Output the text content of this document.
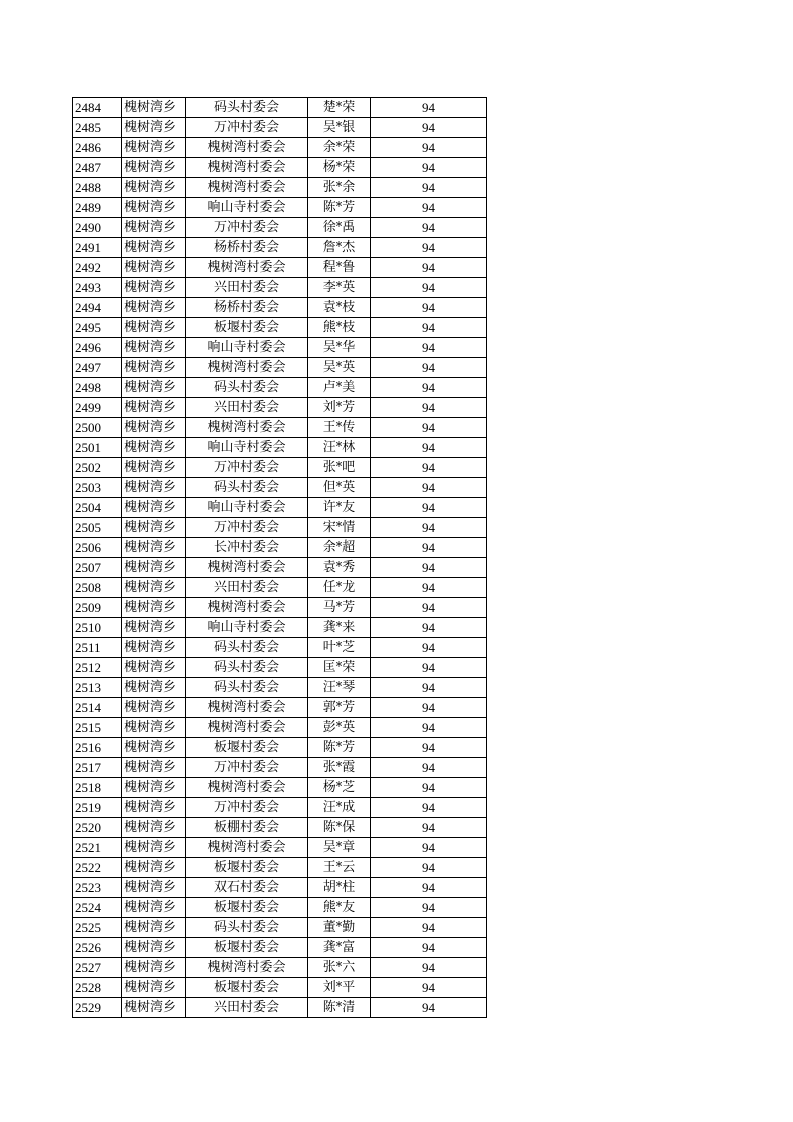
2484	槐树湾乡	码头村委会	楚*荣	94
2485	槐树湾乡	万冲村委会	吴*银	94
2486	槐树湾乡	槐树湾村委会	余*荣	94
2487	槐树湾乡	槐树湾村委会	杨*荣	94
2488	槐树湾乡	槐树湾村委会	张*余	94
2489	槐树湾乡	响山寺村委会	陈*芳	94
2490	槐树湾乡	万冲村委会	徐*禹	94
2491	槐树湾乡	杨桥村委会	詹*杰	94
2492	槐树湾乡	槐树湾村委会	程*鲁	94
2493	槐树湾乡	兴田村委会	李*英	94
2494	槐树湾乡	杨桥村委会	袁*枝	94
2495	槐树湾乡	板堰村委会	熊*枝	94
2496	槐树湾乡	响山寺村委会	吴*华	94
2497	槐树湾乡	槐树湾村委会	吴*英	94
2498	槐树湾乡	码头村委会	卢*美	94
2499	槐树湾乡	兴田村委会	刘*芳	94
2500	槐树湾乡	槐树湾村委会	王*传	94
2501	槐树湾乡	响山寺村委会	汪*林	94
2502	槐树湾乡	万冲村委会	张*吧	94
2503	槐树湾乡	码头村委会	但*英	94
2504	槐树湾乡	响山寺村委会	许*友	94
2505	槐树湾乡	万冲村委会	宋*情	94
2506	槐树湾乡	长冲村委会	余*超	94
2507	槐树湾乡	槐树湾村委会	袁*秀	94
2508	槐树湾乡	兴田村委会	任*龙	94
2509	槐树湾乡	槐树湾村委会	马*芳	94
2510	槐树湾乡	响山寺村委会	龚*来	94
2511	槐树湾乡	码头村委会	叶*芝	94
2512	槐树湾乡	码头村委会	匡*荣	94
2513	槐树湾乡	码头村委会	汪*琴	94
2514	槐树湾乡	槐树湾村委会	郭*芳	94
2515	槐树湾乡	槐树湾村委会	彭*英	94
2516	槐树湾乡	板堰村委会	陈*芳	94
2517	槐树湾乡	万冲村委会	张*霞	94
2518	槐树湾乡	槐树湾村委会	杨*芝	94
2519	槐树湾乡	万冲村委会	汪*成	94
2520	槐树湾乡	板棚村委会	陈*保	94
2521	槐树湾乡	槐树湾村委会	吴*章	94
2522	槐树湾乡	板堰村委会	王*云	94
2523	槐树湾乡	双石村委会	胡*柱	94
2524	槐树湾乡	板堰村委会	熊*友	94
2525	槐树湾乡	码头村委会	董*勤	94
2526	槐树湾乡	板堰村委会	龚*富	94
2527	槐树湾乡	槐树湾村委会	张*六	94
2528	槐树湾乡	板堰村委会	刘*平	94
2529	槐树湾乡	兴田村委会	陈*清	94
